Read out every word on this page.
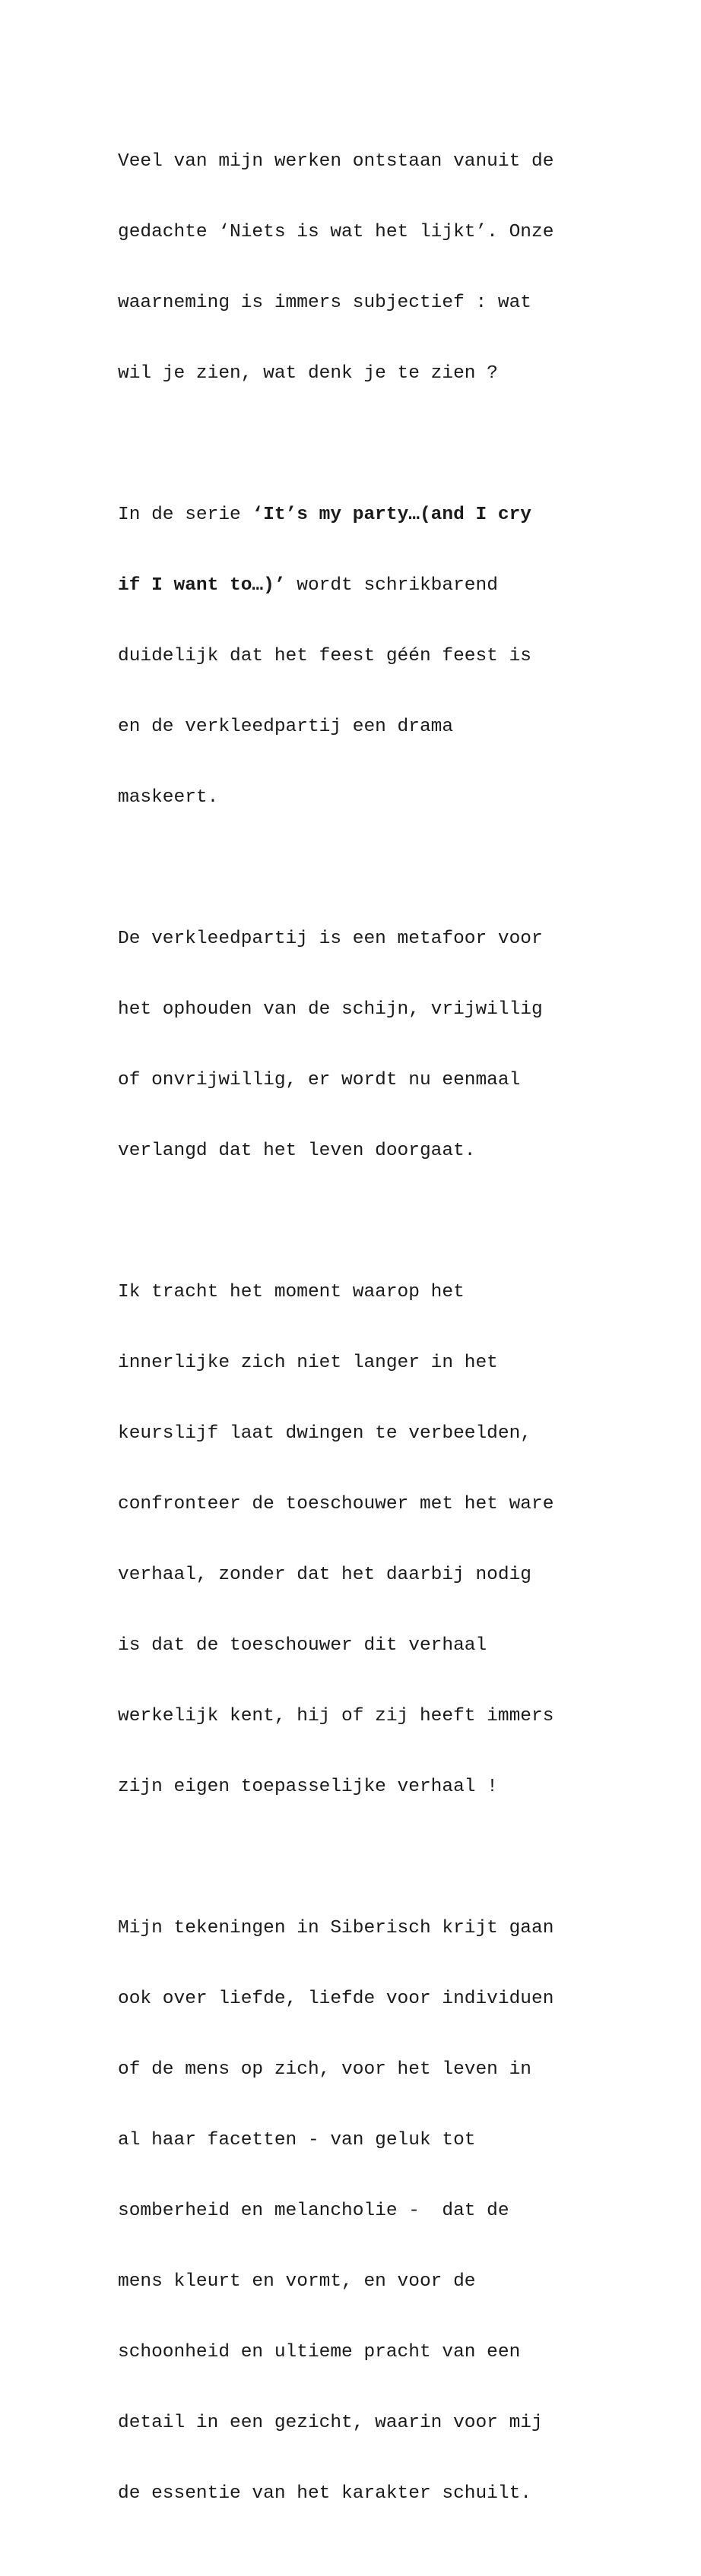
Veel van mijn werken ontstaan vanuit de

gedachte ‘Niets is wat het lijkt’. Onze

waarneming is immers subjectief : wat

wil je zien, wat denk je te zien ?

In de serie ‘It’s my party…(and I cry

if I want to…)’ wordt schrikbarend

duidelijk dat het feest géén feest is

en de verkleedpartij een drama

maskeert.

De verkleedpartij is een metafoor voor

het ophouden van de schijn, vrijwillig

of onvrijwillig, er wordt nu eenmaal

verlangd dat het leven doorgaat.

Ik tracht het moment waarop het

innerlijke zich niet langer in het

keurslijf laat dwingen te verbeelden,

confronteer de toeschouwer met het ware

verhaal, zonder dat het daarbij nodig

is dat de toeschouwer dit verhaal

werkelijk kent, hij of zij heeft immers

zijn eigen toepasselijke verhaal !

Mijn tekeningen in Siberisch krijt gaan

ook over liefde, liefde voor individuen

of de mens op zich, voor het leven in

al haar facetten - van geluk tot

somberheid en melancholie -  dat de

mens kleurt en vormt, en voor de

schoonheid en ultieme pracht van een

detail in een gezicht, waarin voor mij

de essentie van het karakter schuilt.
